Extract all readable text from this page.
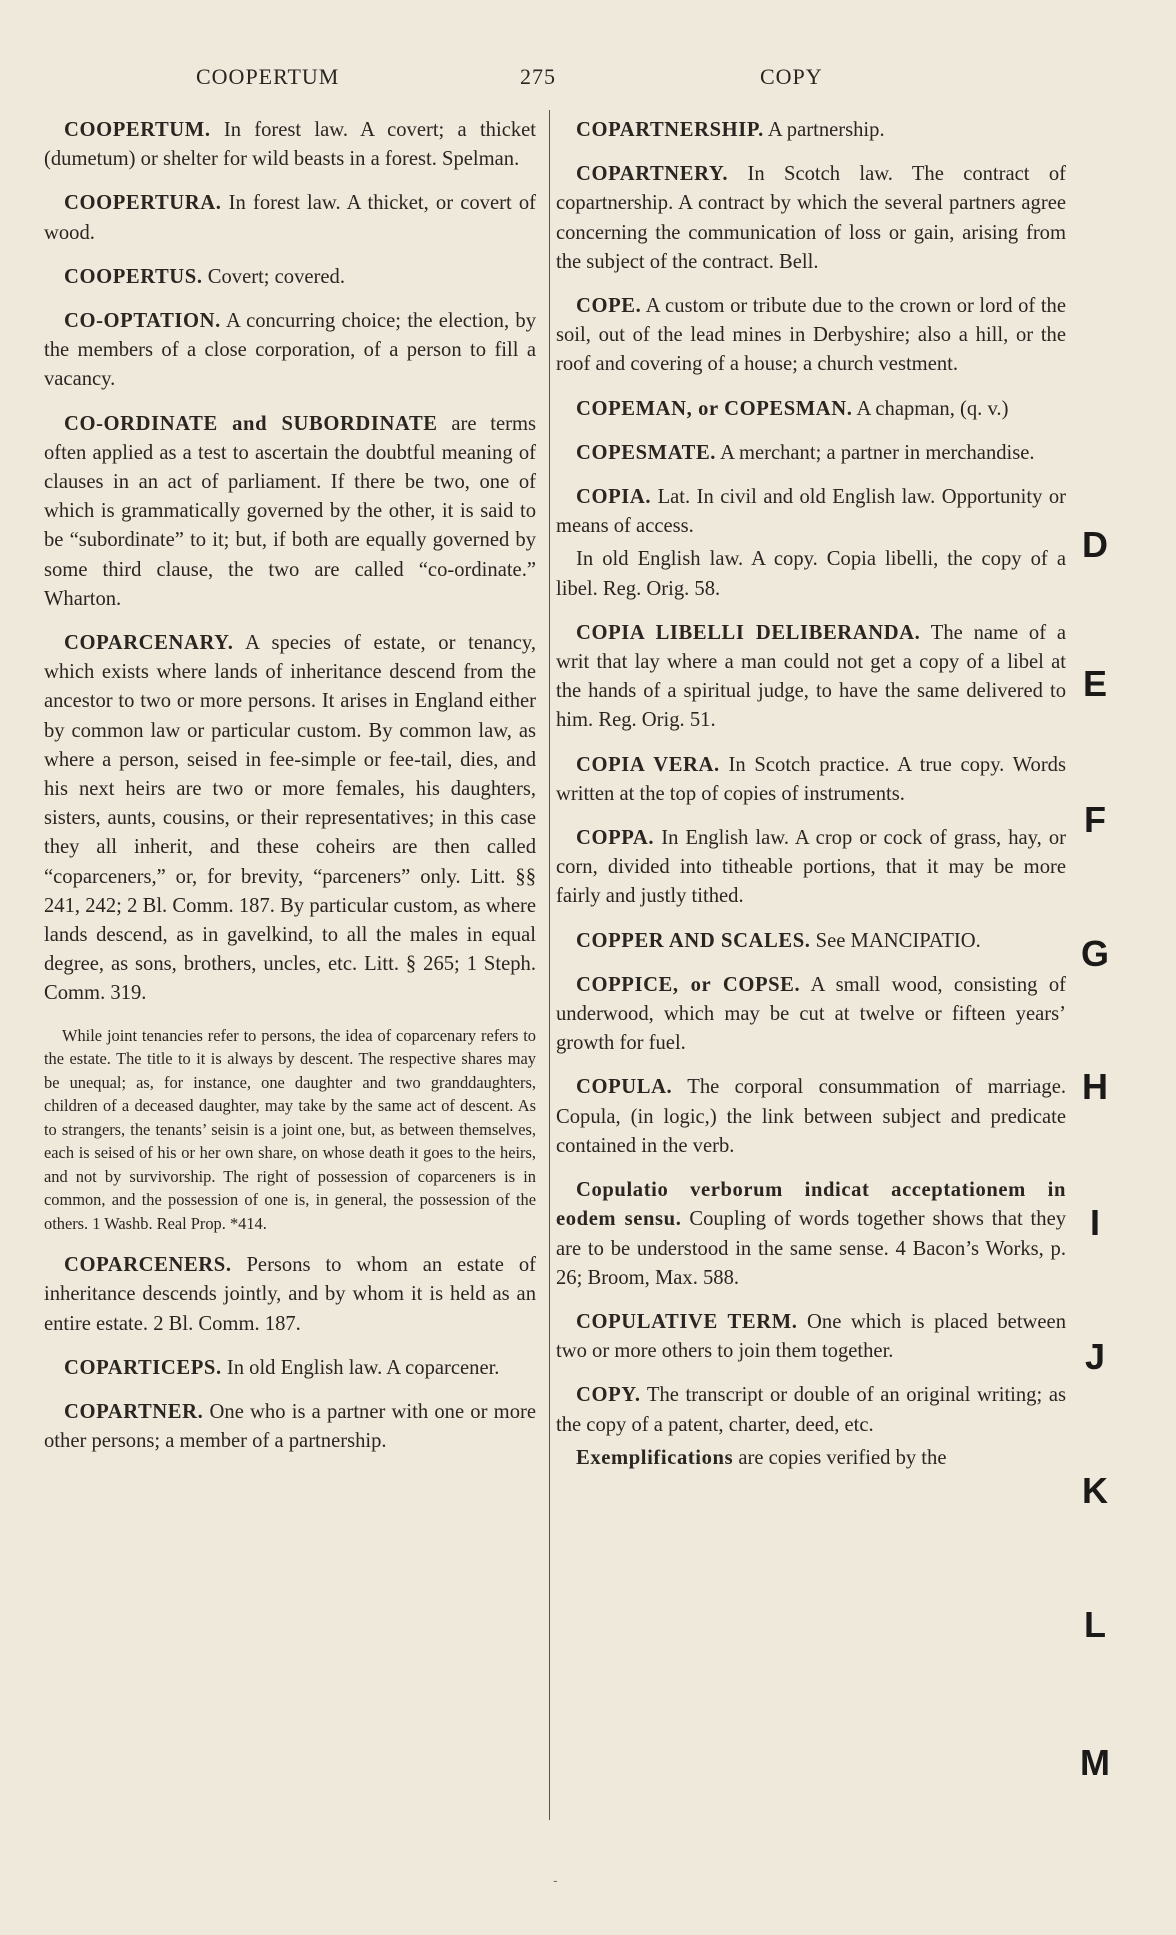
COOPERTUM	275	COPY

COOPERTUM. In forest law. A covert; a thicket (dumetum) or shelter for wild beasts in a forest. Spelman.

COOPERTURA. In forest law. A thicket, or covert of wood.

COOPERTUS. Covert; covered.

CO-OPTATION. A concurring choice; the election, by the members of a close corporation, of a person to fill a vacancy.

CO-ORDINATE and SUBORDINATE are terms often applied as a test to ascertain the doubtful meaning of clauses in an act of parliament. If there be two, one of which is grammatically governed by the other, it is said to be “subordinate” to it; but, if both are equally governed by some third clause, the two are called “co-ordinate.” Wharton.

COPARCENARY. A species of estate, or tenancy, which exists where lands of inheritance descend from the ancestor to two or more persons. It arises in England either by common law or particular custom. By common law, as where a person, seised in fee-simple or fee-tail, dies, and his next heirs are two or more females, his daughters, sisters, aunts, cousins, or their representatives; in this case they all inherit, and these coheirs are then called “coparceners,” or, for brevity, “parceners” only. Litt. §§ 241, 242; 2 Bl. Comm. 187. By particular custom, as where lands descend, as in gavelkind, to all the males in equal degree, as sons, brothers, uncles, etc. Litt. § 265; 1 Steph. Comm. 319.

While joint tenancies refer to persons, the idea of coparcenary refers to the estate. The title to it is always by descent. The respective shares may be unequal; as, for instance, one daughter and two granddaughters, children of a deceased daughter, may take by the same act of descent. As to strangers, the tenants’ seisin is a joint one, but, as between themselves, each is seised of his or her own share, on whose death it goes to the heirs, and not by survivorship. The right of possession of coparceners is in common, and the possession of one is, in general, the possession of the others. 1 Washb. Real Prop. *414.

COPARCENERS. Persons to whom an estate of inheritance descends jointly, and by whom it is held as an entire estate. 2 Bl. Comm. 187.

COPARTICEPS. In old English law. A coparcener.

COPARTNER. One who is a partner with one or more other persons; a member of a partnership.

COPARTNERSHIP. A partnership.

COPARTNERY. In Scotch law. The contract of copartnership. A contract by which the several partners agree concerning the communication of loss or gain, arising from the subject of the contract. Bell.

COPE. A custom or tribute due to the crown or lord of the soil, out of the lead mines in Derbyshire; also a hill, or the roof and covering of a house; a church vestment.

COPEMAN, or COPESMAN. A chapman, (q. v.)

COPESMATE. A merchant; a partner in merchandise.

COPIA. Lat. In civil and old English law. Opportunity or means of access.

In old English law. A copy. Copia libelli, the copy of a libel. Reg. Orig. 58.

COPIA LIBELLI DELIBERANDA. The name of a writ that lay where a man could not get a copy of a libel at the hands of a spiritual judge, to have the same delivered to him. Reg. Orig. 51.

COPIA VERA. In Scotch practice. A true copy. Words written at the top of copies of instruments.

COPPA. In English law. A crop or cock of grass, hay, or corn, divided into titheable portions, that it may be more fairly and justly tithed.

COPPER AND SCALES. See MANCIPATIO.

COPPICE, or COPSE. A small wood, consisting of underwood, which may be cut at twelve or fifteen years’ growth for fuel.

COPULA. The corporal consummation of marriage. Copula, (in logic,) the link between subject and predicate contained in the verb.

Copulatio verborum indicat acceptationem in eodem sensu. Coupling of words together shows that they are to be understood in the same sense. 4 Bacon’s Works, p. 26; Broom, Max. 588.

COPULATIVE TERM. One which is placed between two or more others to join them together.

COPY. The transcript or double of an original writing; as the copy of a patent, charter, deed, etc.

Exemplifications are copies verified by the

D
E
F
G
H
I
J
K
L
M
-
